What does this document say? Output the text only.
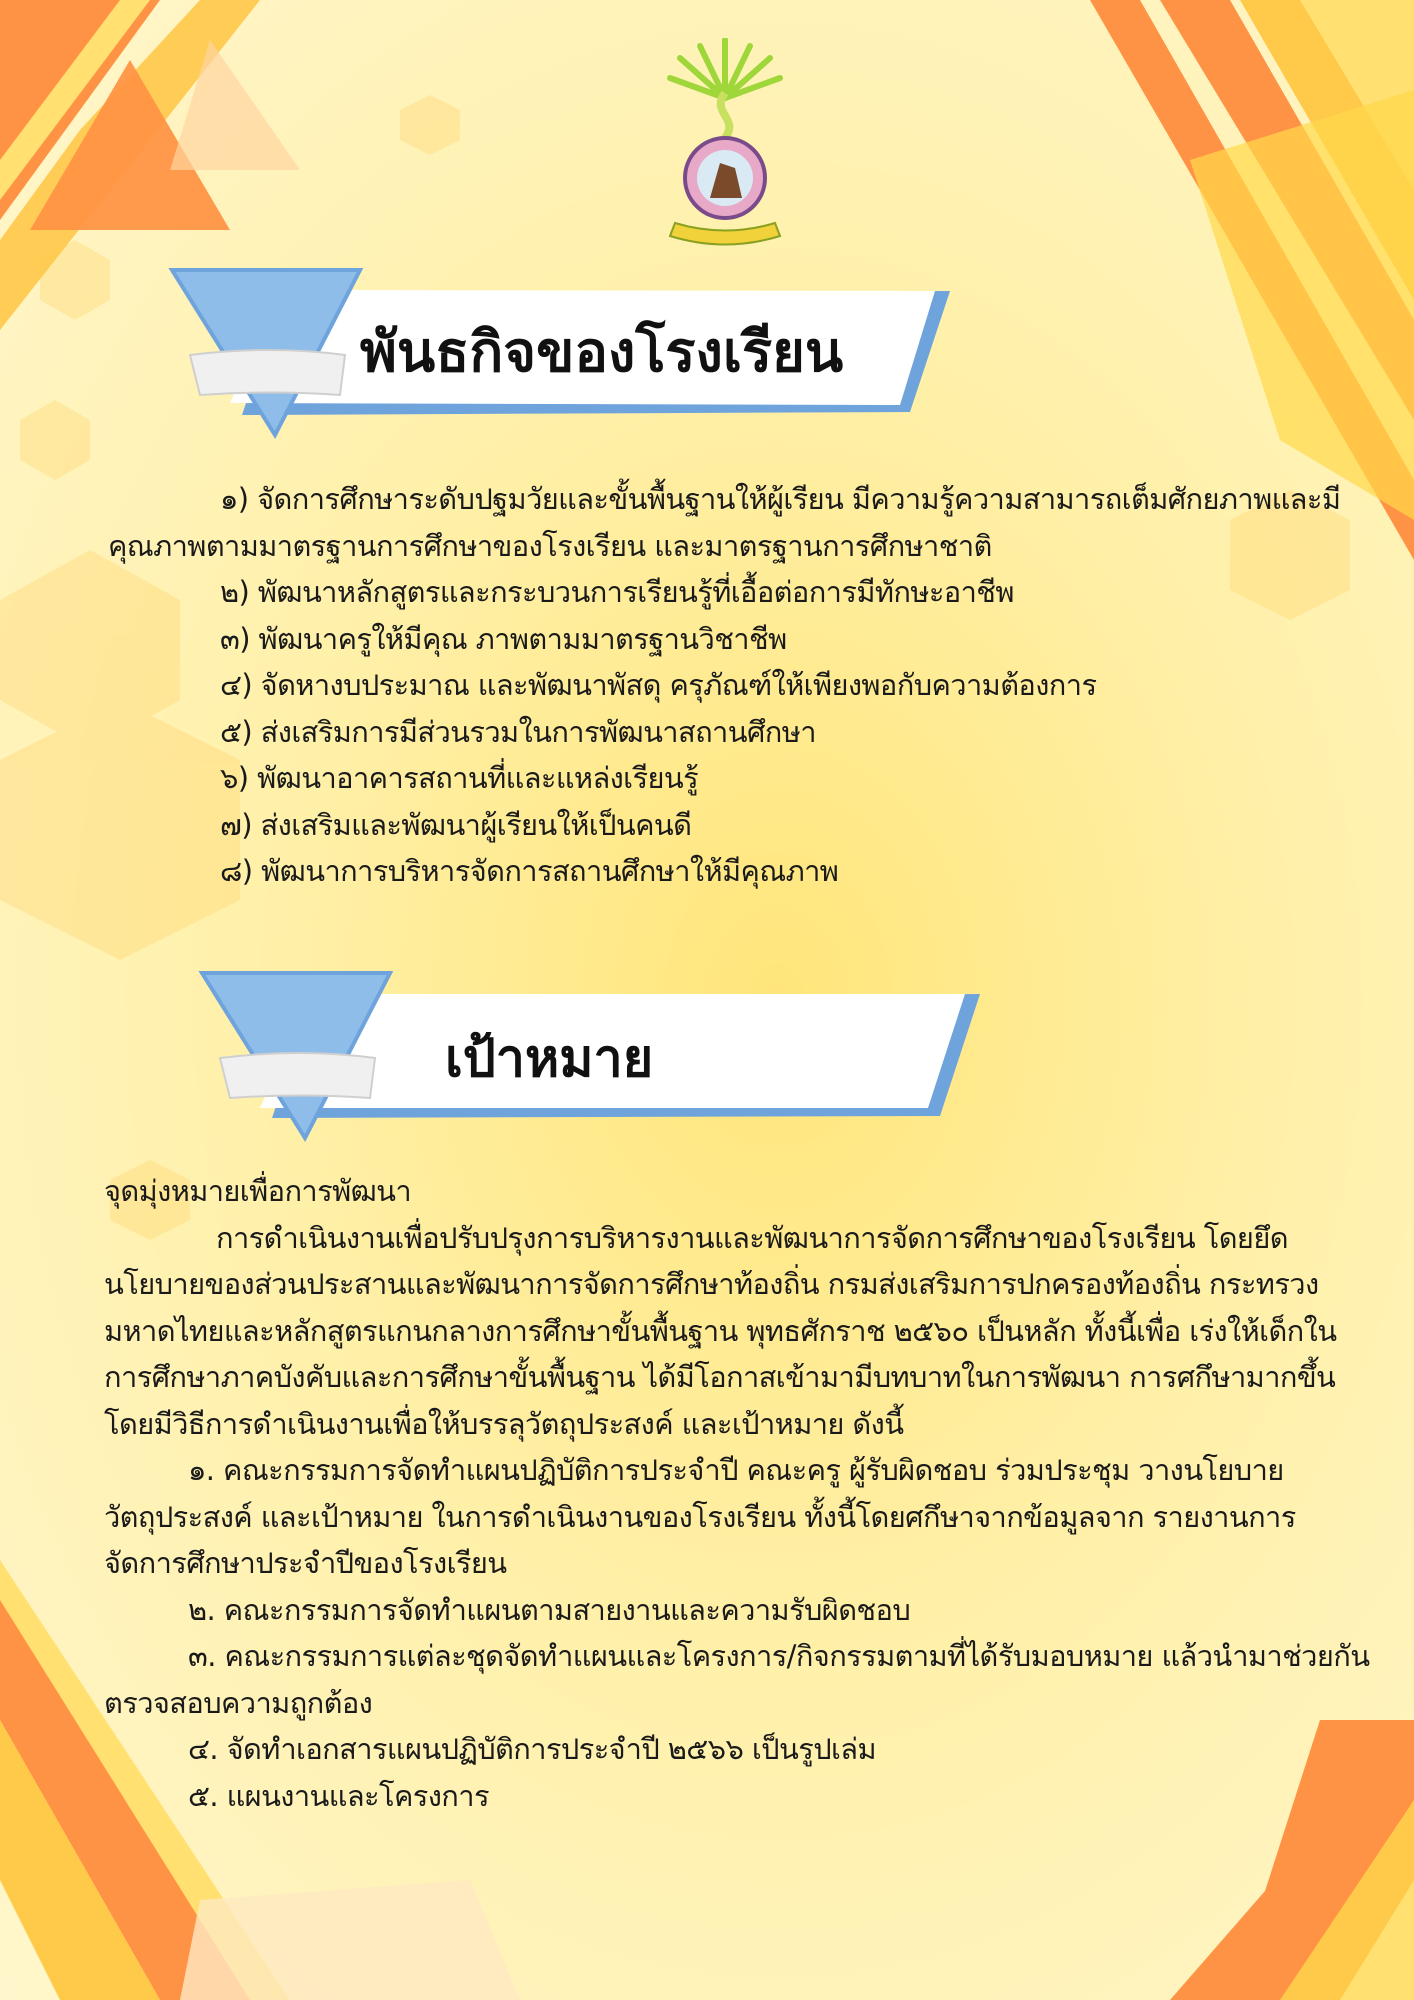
พันธกิจของโรงเรียน
๑) จัดการศึกษาระดับปฐมวัยและขั้นพื้นฐานให้ผู้เรียน มีความรู้ความสามารถเต็มศักยภาพและมี คุณภาพตามมาตรฐานการศึกษาของโรงเรียน และมาตรฐานการศึกษาชาติ
๒) พัฒนาหลักสูตรและกระบวนการเรียนรู้ที่เอื้อต่อการมีทักษะอาชีพ
๓) พัฒนาครูให้มีคุณ ภาพตามมาตรฐานวิชาชีพ
๔) จัดหางบประมาณ และพัฒนาพัสดุ ครุภัณฑ์ให้เพียงพอกับความต้องการ
๕) ส่งเสริมการมีส่วนรวมในการพัฒนาสถานศึกษา
๖) พัฒนาอาคารสถานที่และแหล่งเรียนรู้
๗) ส่งเสริมและพัฒนาผู้เรียนให้เป็นคนดี
๘) พัฒนาการบริหารจัดการสถานศึกษาให้มีคุณภาพ
เป้าหมาย

จุดมุ่งหมายเพื่อการพัฒนา

การดำเนินงานเพื่อปรับปรุงการบริหารงานและพัฒนาการจัดการศึกษาของโรงเรียน โดยยึด นโยบายของส่วนประสานและพัฒนาการจัดการศึกษาท้องถิ่น กรมส่งเสริมการปกครองท้องถิ่น กระทรวงมหาดไทยและหลักสูตรแกนกลางการศึกษาขั้นพื้นฐาน พุทธศักราช ๒๕๖๐ เป็นหลัก ทั้งนี้เพื่อ เร่งให้เด็กในการศึกษาภาคบังคับและการศึกษาขั้นพื้นฐาน ได้มีโอกาสเข้ามามีบทบาทในการพัฒนา การศกึษามากขึ้น โดยมีวิธีการดำเนินงานเพื่อให้บรรลุวัตถุประสงค์ และเป้าหมาย ดังนี้

๑. คณะกรรมการจัดทำแผนปฏิบัติการประจำปี คณะครู ผู้รับผิดชอบ ร่วมประชุม วางนโยบาย วัตถุประสงค์ และเป้าหมาย ในการดำเนินงานของโรงเรียน ทั้งนี้โดยศกึษาจากข้อมูลจาก รายงานการจัดการศึกษาประจำปีของโรงเรียน

๒. คณะกรรมการจัดทำแผนตามสายงานและความรับผิดชอบ

๓. คณะกรรมการแต่ละชุดจัดทำแผนและโครงการ/กิจกรรมตามที่ได้รับมอบหมาย แล้วนำมาช่วยกันตรวจสอบความถูกต้อง

๔. จัดทำเอกสารแผนปฏิบัติการประจำปี ๒๕๖๖ เป็นรูปเล่ม

๕. แผนงานและโครงการ
